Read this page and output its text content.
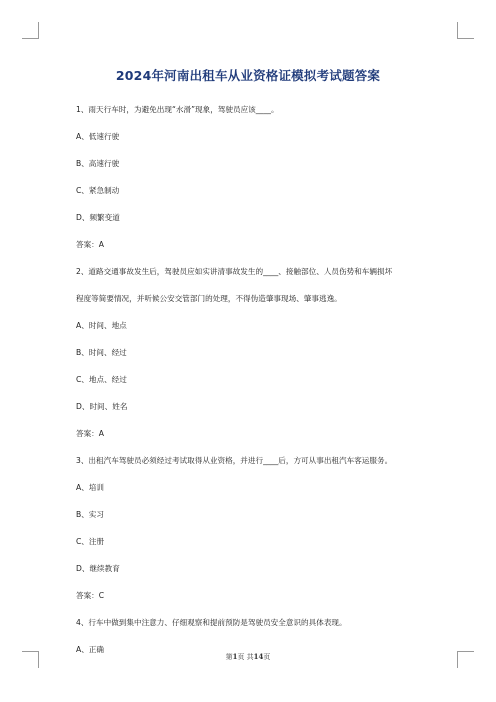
2024年河南出租车从业资格证模拟考试题答案
1、雨天行车时，为避免出现“水滑”现象，驾驶员应该____。
A、低速行驶
B、高速行驶
C、紧急制动
D、频繁变道
答案：A
2、道路交通事故发生后，驾驶员应如实讲清事故发生的____、接触部位、人员伤势和车辆损坏
程度等简要情况，并听候公安交管部门的处理，不得伪造肇事现场、肇事逃逸。
A、时间、地点
B、时间、经过
C、地点、经过
D、时间、姓名
答案：A
3、出租汽车驾驶员必须经过考试取得从业资格，并进行____后，方可从事出租汽车客运服务。
A、培训
B、实习
C、注册
D、继续教育
答案：C
4、行车中做到集中注意力、仔细观察和提前预防是驾驶员安全意识的具体表现。
A、正确
第1页 共14页
